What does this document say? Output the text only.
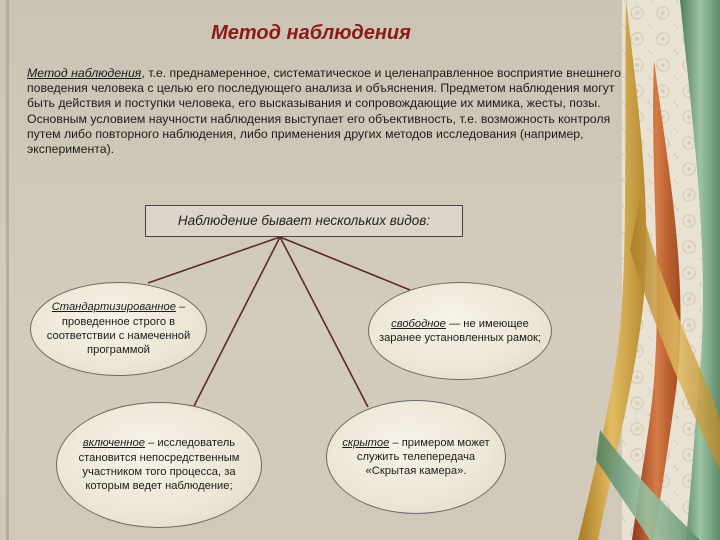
Метод наблюдения
Метод наблюдения, т.е. преднамеренное, систематическое и целенаправленное восприятие внешнего поведения человека с целью его последующего анализа и объяснения. Предметом наблюдения могут быть действия и поступки человека, его высказывания и сопровождающие их мимика, жесты, позы. Основным условием научности наблюдения выступает его объективность, т.е. возможность контроля путем либо повторного наблюдения, либо применения других методов исследования (например, эксперимента).
Наблюдение бывает нескольких видов:
Стандартизированное – проведенное строго в соответствии с намеченной программой
свободное — не имеющее заранее установленных рамок;
включенное – исследователь становится непосредственным участником того процесса, за которым ведет наблюдение;
скрытое – примером может служить телепередача «Скрытая камера».
